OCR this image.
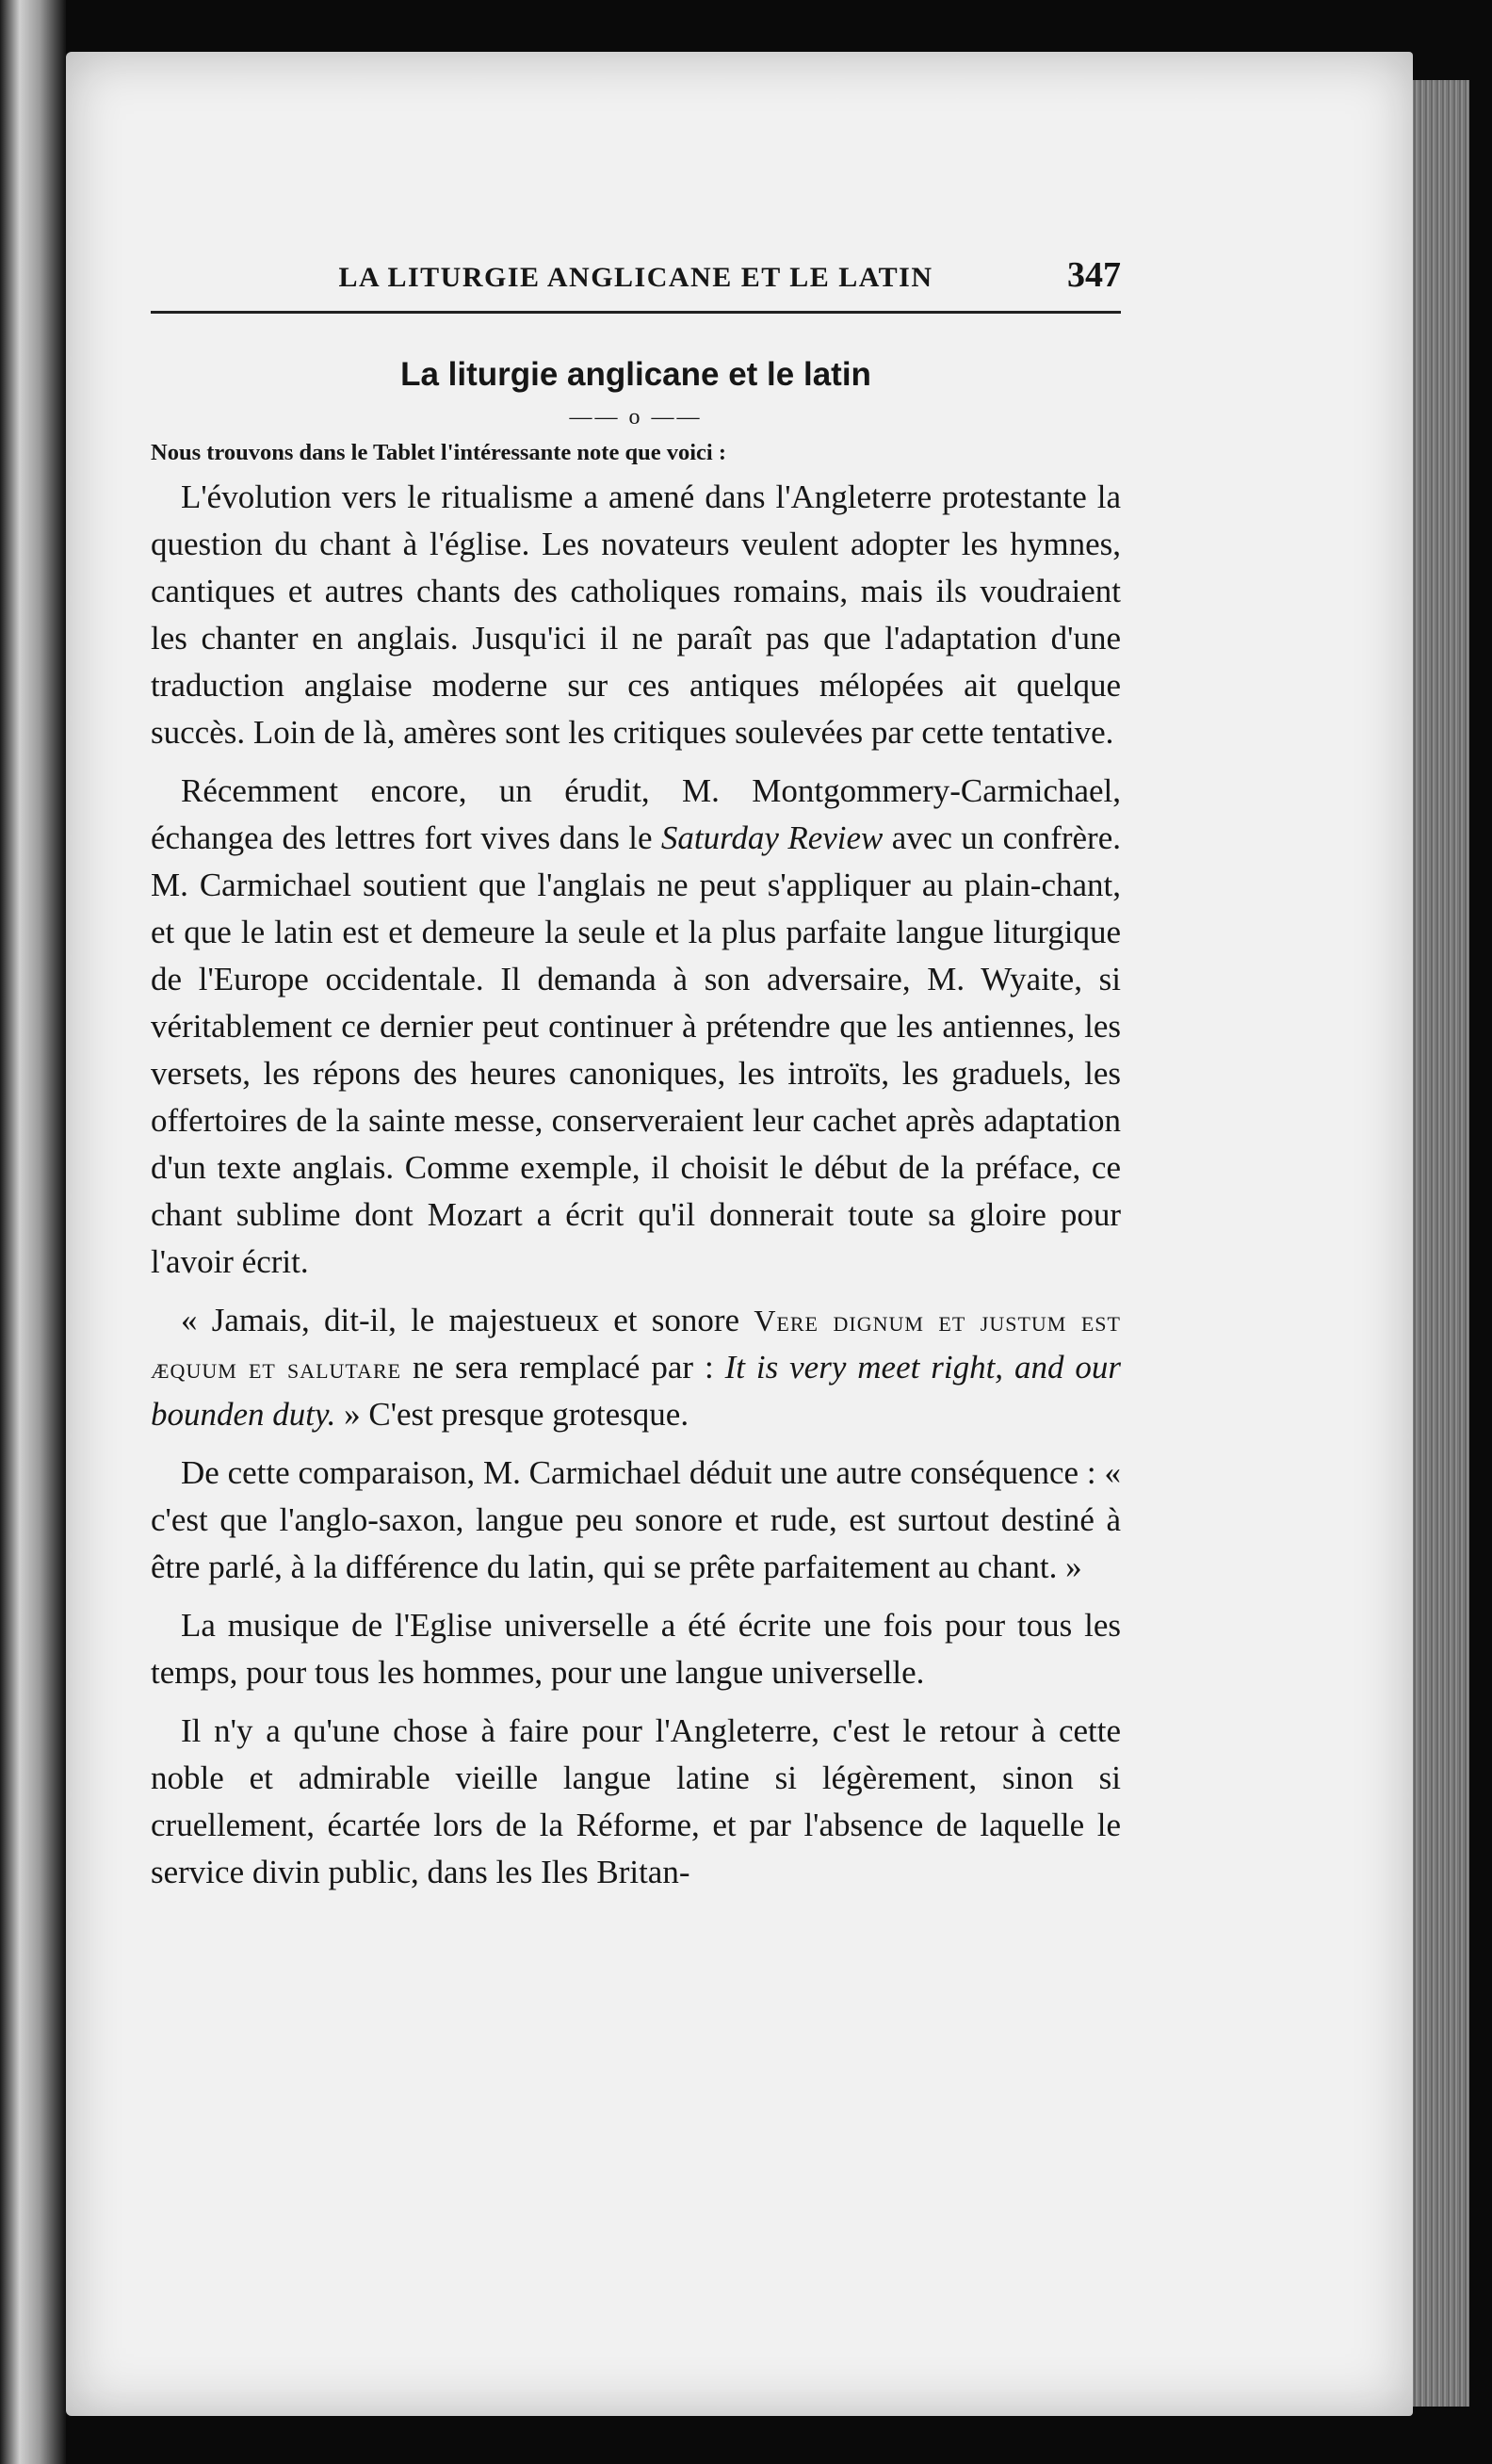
LA LITURGIE ANGLICANE ET LE LATIN	347
La liturgie anglicane et le latin
—— o ——
Nous trouvons dans le Tablet l'intéressante note que voici :

L'évolution vers le ritualisme a amené dans l'Angleterre protestante la question du chant à l'église. Les novateurs veulent adopter les hymnes, cantiques et autres chants des catholiques romains, mais ils voudraient les chanter en anglais. Jusqu'ici il ne paraît pas que l'adaptation d'une traduction anglaise moderne sur ces antiques mélopées ait quelque succès. Loin de là, amères sont les critiques soulevées par cette tentative.

Récemment encore, un érudit, M. Montgommery-Carmichael, échangea des lettres fort vives dans le Saturday Review avec un confrère. M. Carmichael soutient que l'anglais ne peut s'appliquer au plain-chant, et que le latin est et demeure la seule et la plus parfaite langue liturgique de l'Europe occidentale. Il demanda à son adversaire, M. Wyaite, si véritablement ce dernier peut continuer à prétendre que les antiennes, les versets, les répons des heures canoniques, les introïts, les graduels, les offertoires de la sainte messe, conserveraient leur cachet après adaptation d'un texte anglais. Comme exemple, il choisit le début de la préface, ce chant sublime dont Mozart a écrit qu'il donnerait toute sa gloire pour l'avoir écrit.

« Jamais, dit-il, le majestueux et sonore Vere dignum et justum est æquum et salutare ne sera remplacé par : It is very meet right, and our bounden duty. » C'est presque grotesque.

De cette comparaison, M. Carmichael déduit une autre conséquence : « c'est que l'anglo-saxon, langue peu sonore et rude, est surtout destiné à être parlé, à la différence du latin, qui se prête parfaitement au chant. »

La musique de l'Eglise universelle a été écrite une fois pour tous les temps, pour tous les hommes, pour une langue universelle.

Il n'y a qu'une chose à faire pour l'Angleterre, c'est le retour à cette noble et admirable vieille langue latine si légèrement, sinon si cruellement, écartée lors de la Réforme, et par l'absence de laquelle le service divin public, dans les Iles Britan-
